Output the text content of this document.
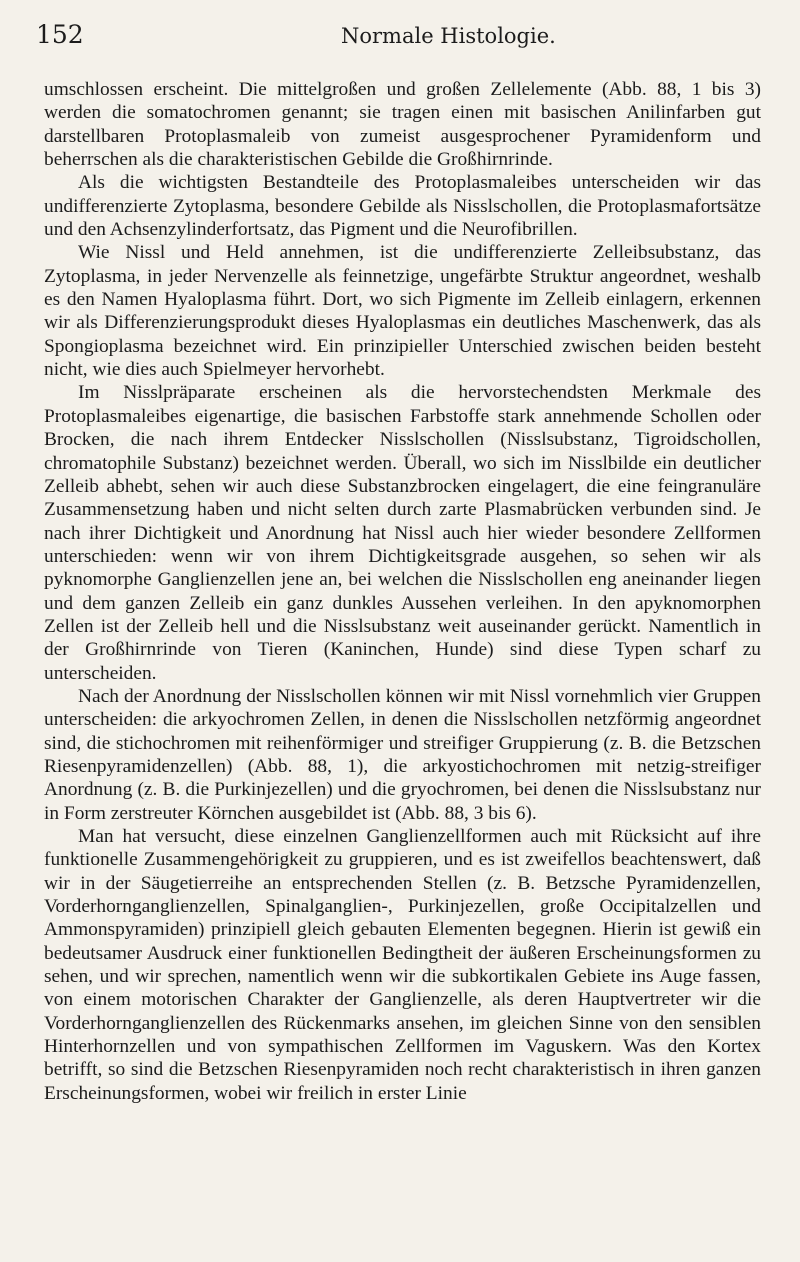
152	Normale Histologie.

umschlossen erscheint. Die mittelgroßen und großen Zellelemente (Abb. 88, 1 bis 3) werden die somatochromen genannt; sie tragen einen mit basischen Anilinfarben gut darstellbaren Protoplasmaleib von zumeist ausgesprochener Pyramidenform und beherrschen als die charakteristischen Gebilde die Großhirnrinde.

Als die wichtigsten Bestandteile des Protoplasmaleibes unterscheiden wir das undifferenzierte Zytoplasma, besondere Gebilde als Nisslschollen, die Protoplasmafortsätze und den Achsenzylinderfortsatz, das Pigment und die Neurofibrillen.

Wie Nissl und Held annehmen, ist die undifferenzierte Zelleibsubstanz, das Zytoplasma, in jeder Nervenzelle als feinnetzige, ungefärbte Struktur angeordnet, weshalb es den Namen Hyaloplasma führt. Dort, wo sich Pigmente im Zelleib einlagern, erkennen wir als Differenzierungsprodukt dieses Hyaloplasmas ein deutliches Maschenwerk, das als Spongioplasma bezeichnet wird. Ein prinzipieller Unterschied zwischen beiden besteht nicht, wie dies auch Spielmeyer hervorhebt.

Im Nisslpräparate erscheinen als die hervorstechendsten Merkmale des Protoplasmaleibes eigenartige, die basischen Farbstoffe stark annehmende Schollen oder Brocken, die nach ihrem Entdecker Nisslschollen (Nisslsubstanz, Tigroidschollen, chromatophile Substanz) bezeichnet werden. Überall, wo sich im Nisslbilde ein deutlicher Zelleib abhebt, sehen wir auch diese Substanzbrocken eingelagert, die eine feingranuläre Zusammensetzung haben und nicht selten durch zarte Plasmabrücken verbunden sind. Je nach ihrer Dichtigkeit und Anordnung hat Nissl auch hier wieder besondere Zellformen unterschieden: wenn wir von ihrem Dichtigkeitsgrade ausgehen, so sehen wir als pyknomorphe Ganglienzellen jene an, bei welchen die Nisslschollen eng aneinander liegen und dem ganzen Zelleib ein ganz dunkles Aussehen verleihen. In den apyknomorphen Zellen ist der Zelleib hell und die Nisslsubstanz weit auseinander gerückt. Namentlich in der Großhirnrinde von Tieren (Kaninchen, Hunde) sind diese Typen scharf zu unterscheiden.

Nach der Anordnung der Nisslschollen können wir mit Nissl vornehmlich vier Gruppen unterscheiden: die arkyochromen Zellen, in denen die Nisslschollen netzförmig angeordnet sind, die stichochromen mit reihenförmiger und streifiger Gruppierung (z. B. die Betzschen Riesenpyramidenzellen) (Abb. 88, 1), die arkyostichochromen mit netzig-streifiger Anordnung (z. B. die Purkinjezellen) und die gryochromen, bei denen die Nisslsubstanz nur in Form zerstreuter Körnchen ausgebildet ist (Abb. 88, 3 bis 6).

Man hat versucht, diese einzelnen Ganglienzellformen auch mit Rücksicht auf ihre funktionelle Zusammengehörigkeit zu gruppieren, und es ist zweifellos beachtenswert, daß wir in der Säugetierreihe an entsprechenden Stellen (z. B. Betzsche Pyramidenzellen, Vorderhornganglienzellen, Spinalganglien-, Purkinjezellen, große Occipitalzellen und Ammonspyramiden) prinzipiell gleich gebauten Elementen begegnen. Hierin ist gewiß ein bedeutsamer Ausdruck einer funktionellen Bedingtheit der äußeren Erscheinungsformen zu sehen, und wir sprechen, namentlich wenn wir die subkortikalen Gebiete ins Auge fassen, von einem motorischen Charakter der Ganglienzelle, als deren Hauptvertreter wir die Vorderhornganglienzellen des Rückenmarks ansehen, im gleichen Sinne von den sensiblen Hinterhornzellen und von sympathischen Zellformen im Vaguskern. Was den Kortex betrifft, so sind die Betzschen Riesenpyramiden noch recht charakteristisch in ihren ganzen Erscheinungsformen, wobei wir freilich in erster Linie
